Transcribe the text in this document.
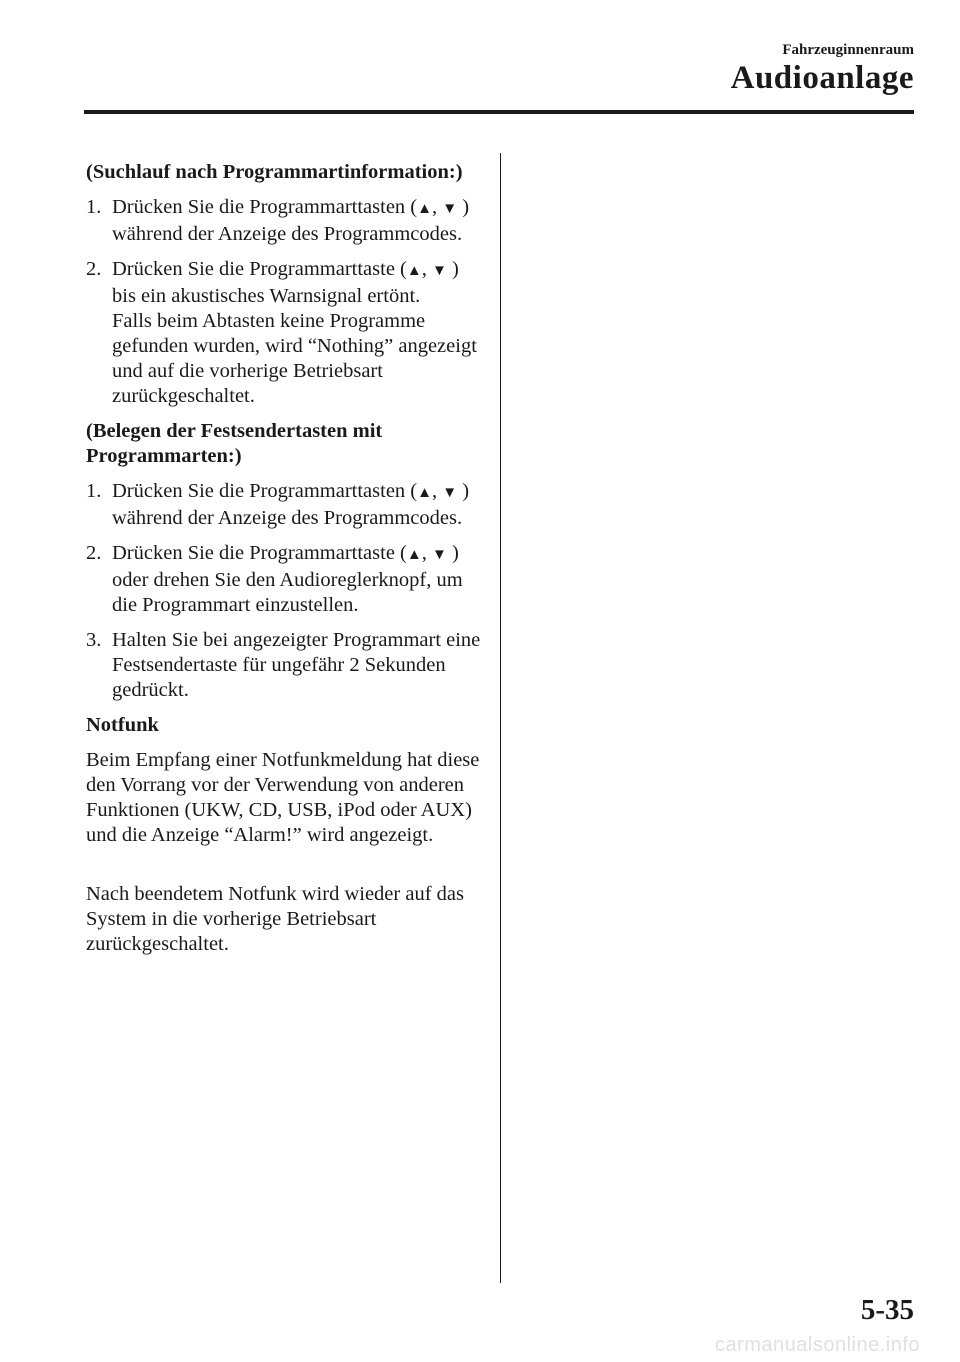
Fahrzeuginnenraum
Audioanlage

(Suchlauf nach Programmartinformation:)

1. Drücken Sie die Programmarttasten (▲, ▼ ) während der Anzeige des Programmcodes.

2. Drücken Sie die Programmarttaste (▲, ▼ ) bis ein akustisches Warnsignal ertönt.
Falls beim Abtasten keine Programme gefunden wurden, wird “Nothing” angezeigt und auf die vorherige Betriebsart zurückgeschaltet.

(Belegen der Festsendertasten mit Programmarten:)

1. Drücken Sie die Programmarttasten (▲, ▼ ) während der Anzeige des Programmcodes.

2. Drücken Sie die Programmarttaste (▲, ▼ ) oder drehen Sie den Audioreglerknopf, um die Programmart einzustellen.

3. Halten Sie bei angezeigter Programmart eine Festsendertaste für ungefähr 2 Sekunden gedrückt.

Notfunk

Beim Empfang einer Notfunkmeldung hat diese den Vorrang vor der Verwendung von anderen Funktionen (UKW, CD, USB, iPod oder AUX) und die Anzeige “Alarm!” wird angezeigt.

Nach beendetem Notfunk wird wieder auf das System in die vorherige Betriebsart zurückgeschaltet.

5-35
carmanualsonline.info
